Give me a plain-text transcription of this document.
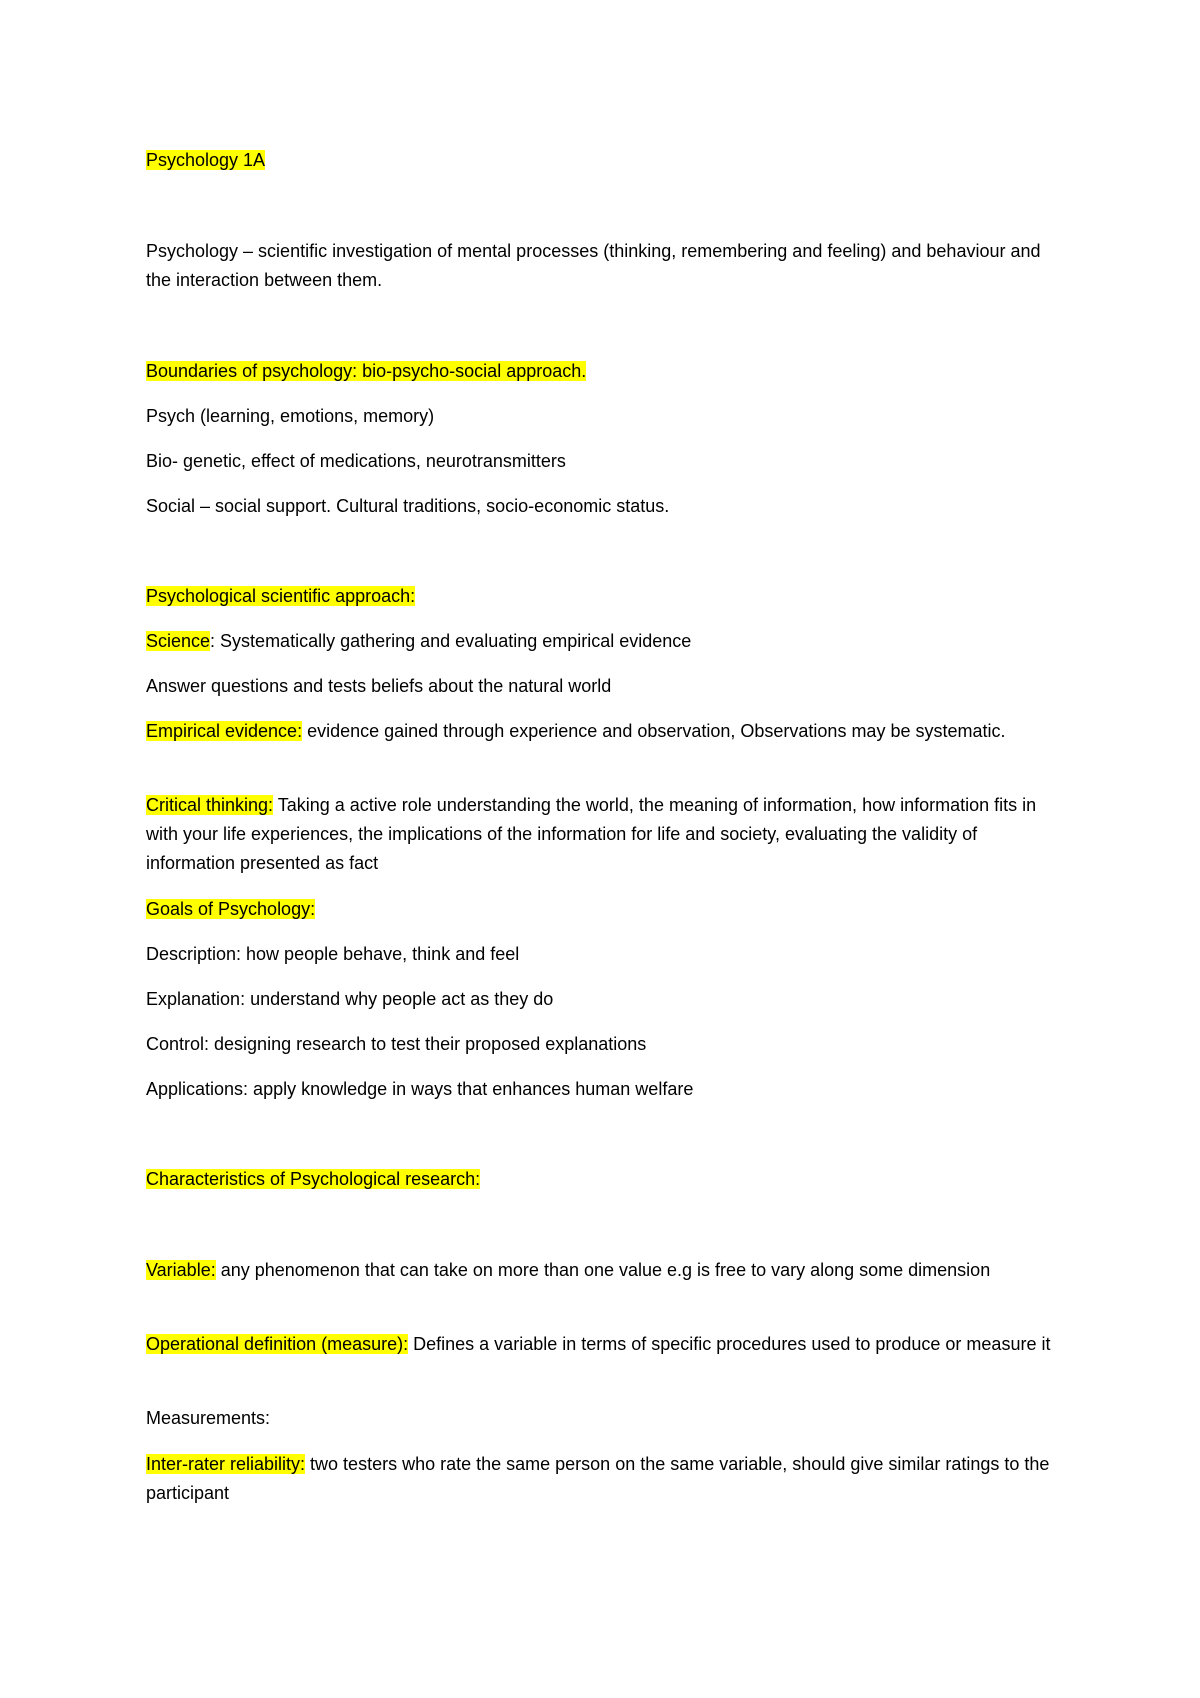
Psychology 1A
Psychology – scientific investigation of mental processes (thinking, remembering and feeling) and behaviour and the interaction between them.
Boundaries of psychology: bio-psycho-social approach.
Psych (learning, emotions, memory)
Bio- genetic, effect of medications, neurotransmitters
Social – social support. Cultural traditions, socio-economic status.
Psychological scientific approach:
Science: Systematically gathering and evaluating empirical evidence
Answer questions and tests beliefs about the natural world
Empirical evidence: evidence gained through experience and observation, Observations may be systematic.
Critical thinking: Taking a active role understanding the world, the meaning of information, how information fits in with your life experiences, the implications of the information for life and society, evaluating the validity of information presented as fact
Goals of Psychology:
Description: how people behave, think and feel
Explanation: understand why people act as they do
Control: designing research to test their proposed explanations
Applications: apply knowledge in ways that enhances human welfare
Characteristics of Psychological research:
Variable: any phenomenon that can take on more than one value e.g is free to vary along some dimension
Operational definition (measure): Defines a variable in terms of specific procedures used to produce or measure it
Measurements:
Inter-rater reliability: two testers who rate the same person on the same variable, should give similar ratings to the participant
